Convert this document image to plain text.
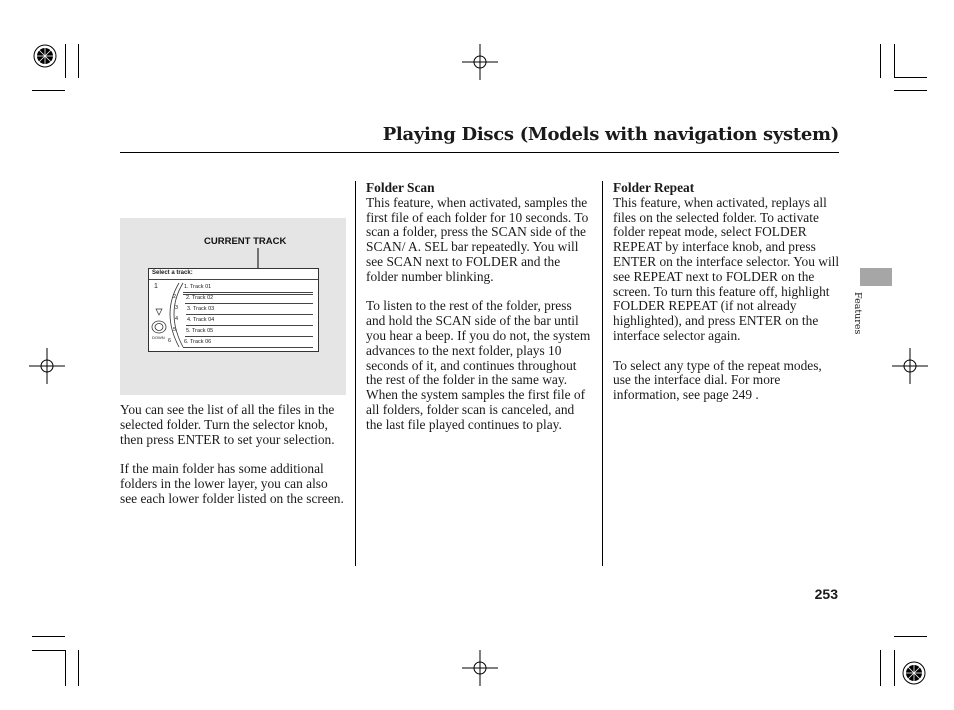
Playing Discs (Models with navigation system)
Features
CURRENT TRACK
Select a track:
1
2
3
4
5
6
DOWN
1. Track 01
2. Track 02
3. Track 03
4. Track 04
5. Track 05
6. Track 06

You can see the list of all the files in the selected folder. Turn the selector knob, then press ENTER to set your selection.

If the main folder has some additional folders in the lower layer, you can also see each lower folder listed on the screen.

Folder Scan
This feature, when activated, samples the first file of each folder for 10 seconds. To scan a folder, press the SCAN side of the SCAN/ A. SEL bar repeatedly. You will see SCAN next to FOLDER and the folder number blinking.

To listen to the rest of the folder, press and hold the SCAN side of the bar until you hear a beep. If you do not, the system advances to the next folder, plays 10 seconds of it, and continues throughout the rest of the folder in the same way. When the system samples the first file of all folders, folder scan is canceled, and the last file played continues to play.

Folder Repeat
This feature, when activated, replays all files on the selected folder. To activate folder repeat mode, select FOLDER REPEAT by interface knob, and press ENTER on the interface selector. You will see REPEAT next to FOLDER on the screen. To turn this feature off, highlight FOLDER REPEAT (if not already highlighted), and press ENTER on the interface selector again.

To select any type of the repeat modes, use the interface dial. For more information, see page 249 .

253
